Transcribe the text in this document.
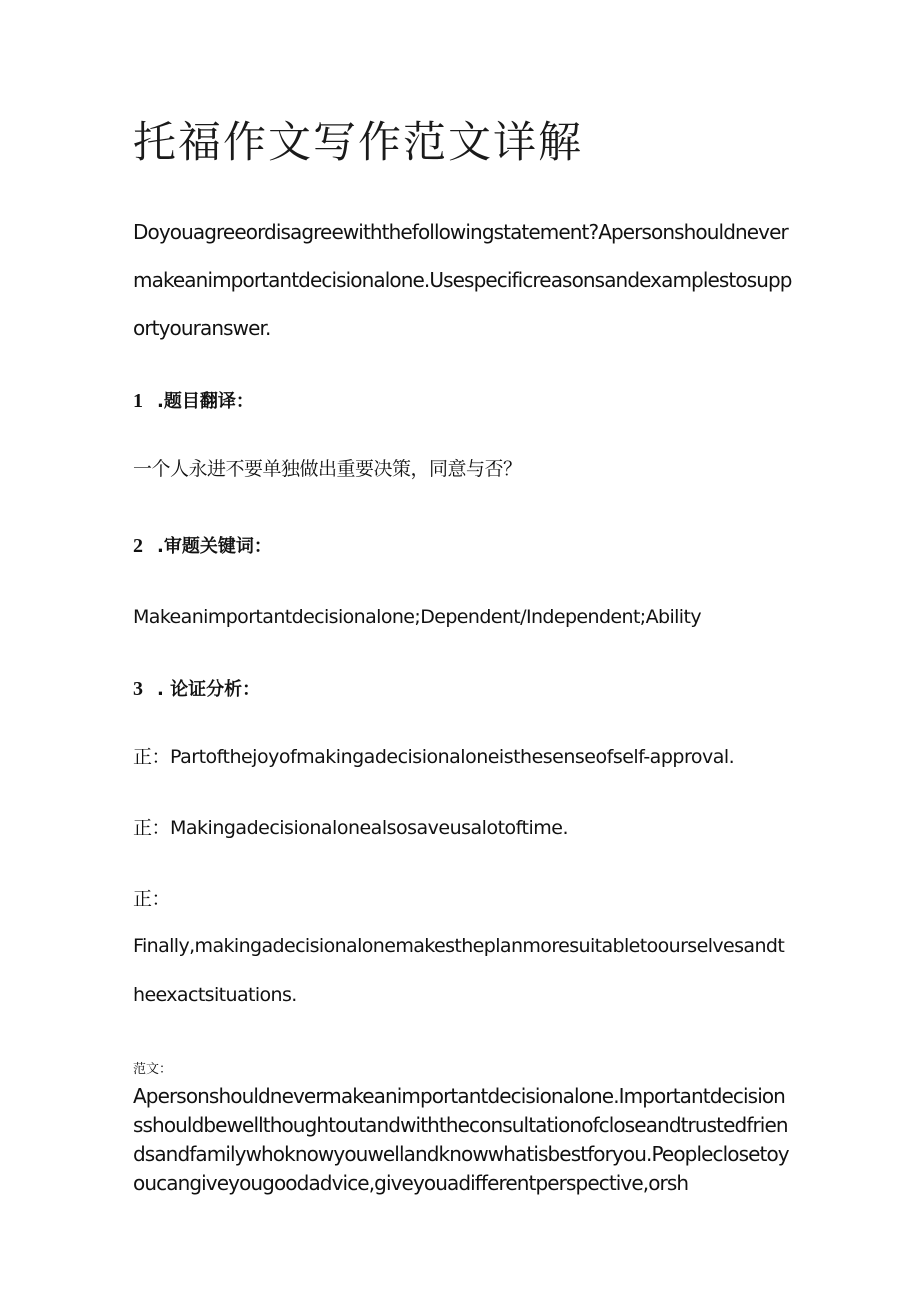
托福作文写作范文详解
Doyouagreeordisagreewiththefollowingstatement?Apersonshouldnevermakeanimportantdecisionalone.Usespecificreasonsandexamplestosupportyouranswer.
1 .题目翻译：
一个人永进不要单独做出重要决策，同意与否？
2 .审题关键词：
Makeanimportantdecisionalone;Dependent/Independent;Ability
3 . 论证分析：
正：Partofthejoyofmakingadecisionaloneisthesenseofself-approval.
正：Makingadecisionalonealsosaveusalotoftime.
正：
Finally,makingadecisionalonemakestheplanmoresuitabletoourselvesandtheexactsituations.
范文：
Apersonshouldnevermakeanimportantdecisionalone.Importantdecisionsshouldbewellthoughtoutandwiththeconsultationofcloseandtrustedfriendsandfamilywhoknowyouwellandknowwhatisbestforyou.Peopleclosetoyoucangiveyougoodadvice,giveyouadifferentperspective,orsh
